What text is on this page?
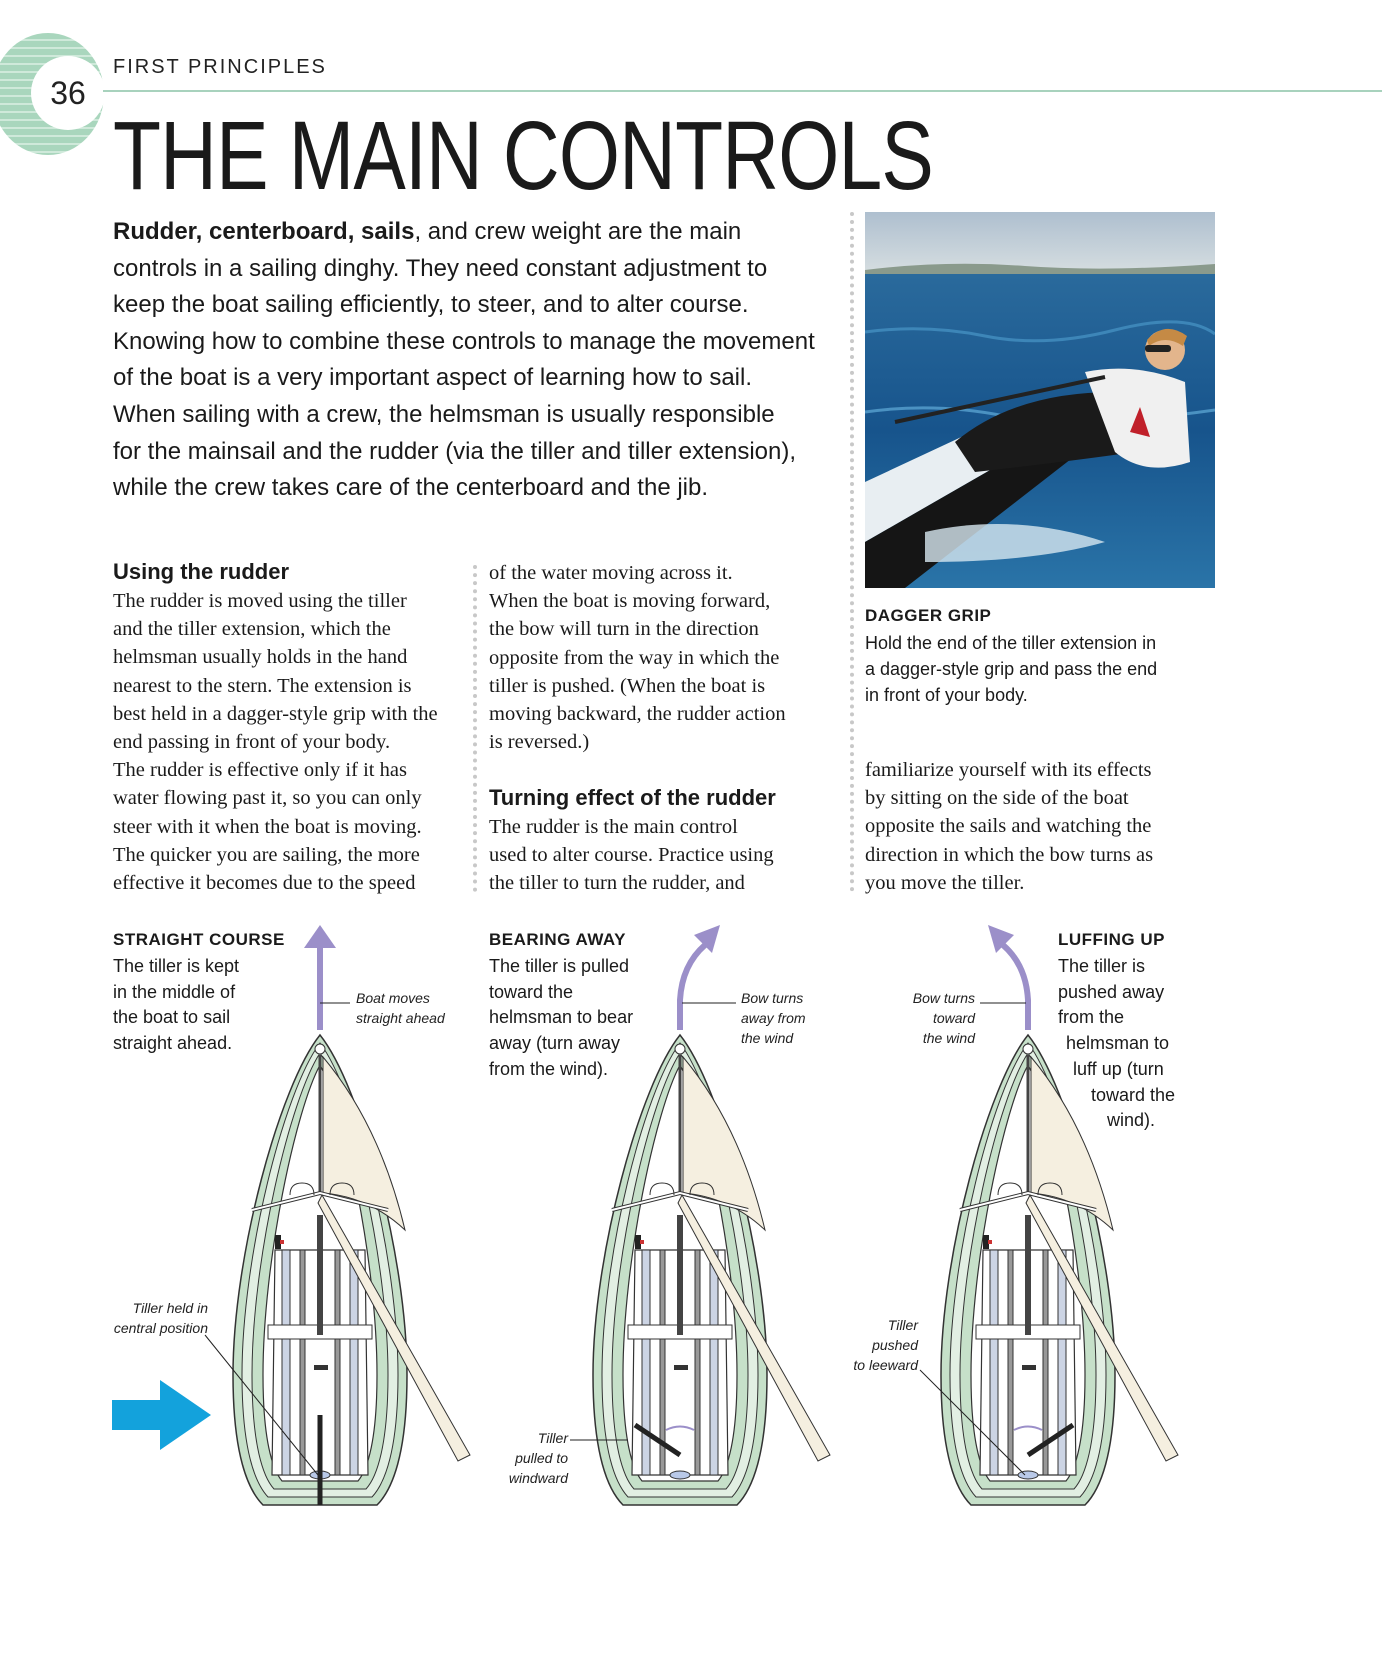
36
FIRST PRINCIPLES
THE MAIN CONTROLS
Rudder, centerboard, sails, and crew weight are the main
controls in a sailing dinghy. They need constant adjustment to
keep the boat sailing efficiently, to steer, and to alter course.
Knowing how to combine these controls to manage the movement
of the boat is a very important aspect of learning how to sail.
When sailing with a crew, the helmsman is usually responsible
for the mainsail and the rudder (via the tiller and tiller extension),
while the crew takes care of the centerboard and the jib.
DAGGER GRIP
Hold the end of the tiller extension in
a dagger-style grip and pass the end
in front of your body.
Using the rudder
The rudder is moved using the tiller
and the tiller extension, which the
helmsman usually holds in the hand
nearest to the stern. The extension is
best held in a dagger-style grip with the
end passing in front of your body.
The rudder is effective only if it has
water flowing past it, so you can only
steer with it when the boat is moving.
The quicker you are sailing, the more
effective it becomes due to the speed
of the water moving across it.
When the boat is moving forward,
the bow will turn in the direction
opposite from the way in which the
tiller is pushed. (When the boat is
moving backward, the rudder action
is reversed.)
Turning effect of the rudder
The rudder is the main control
used to alter course. Practice using
the tiller to turn the rudder, and
familiarize yourself with its effects
by sitting on the side of the boat
opposite the sails and watching the
direction in which the bow turns as
you move the tiller.
STRAIGHT COURSE
The tiller is kept
in the middle of
the boat to sail
straight ahead.
BEARING AWAY
The tiller is pulled
toward the
helmsman to bear
away (turn away
from the wind).
LUFFING UP
The tiller is
pushed away
from the
helmsman to
luff up (turn
toward the
wind).
Boat moves
straight ahead
Bow turns
away from
the wind
Bow turns
toward
the wind
Tiller held in
central position
Tiller
pulled to
windward
Tiller
pushed
to leeward
